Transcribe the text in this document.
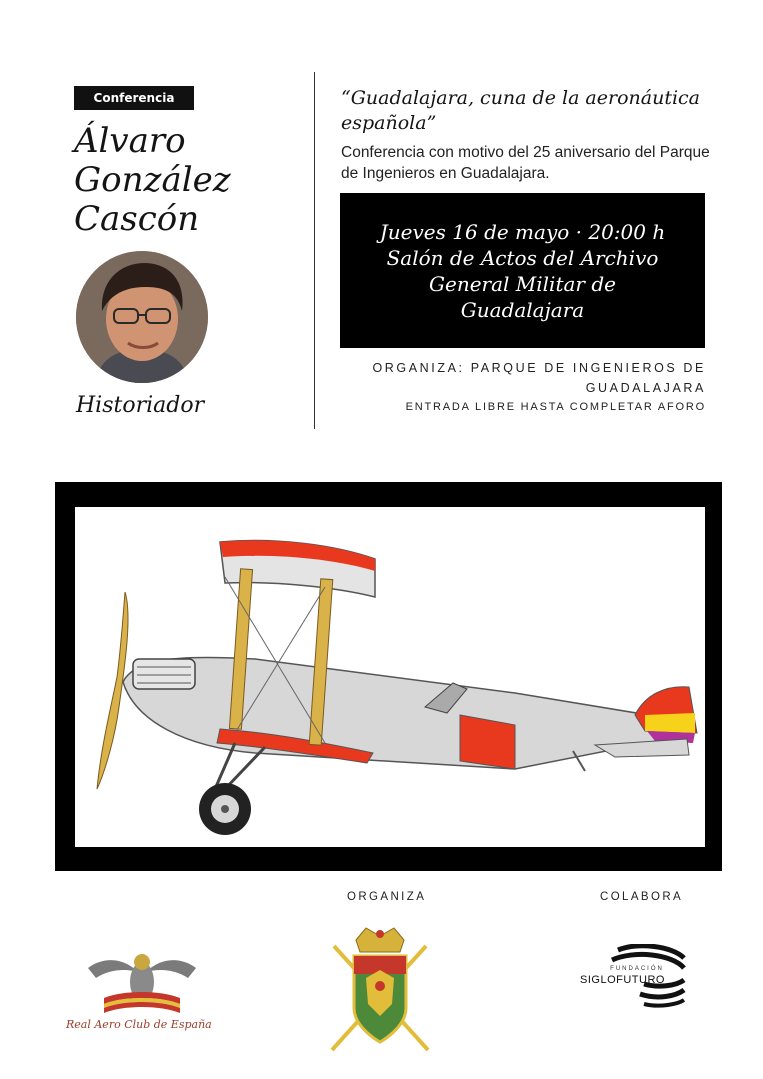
Conferencia
Álvaro
González
Cascón
Historiador
“Guadalajara, cuna de la aeronáutica española”
Conferencia con motivo del 25 aniversario del Parque de Ingenieros en Guadalajara.
Jueves 16 de mayo · 20:00 h
Salón de Actos del Archivo
General Militar de
Guadalajara
ORGANIZA: PARQUE DE INGENIEROS DE GUADALAJARA
ENTRADA LIBRE HASTA COMPLETAR AFORO
ORGANIZA	COLABORA
Real Aero Club de España
FUNDACIÓN
SIGLOFUTURO
